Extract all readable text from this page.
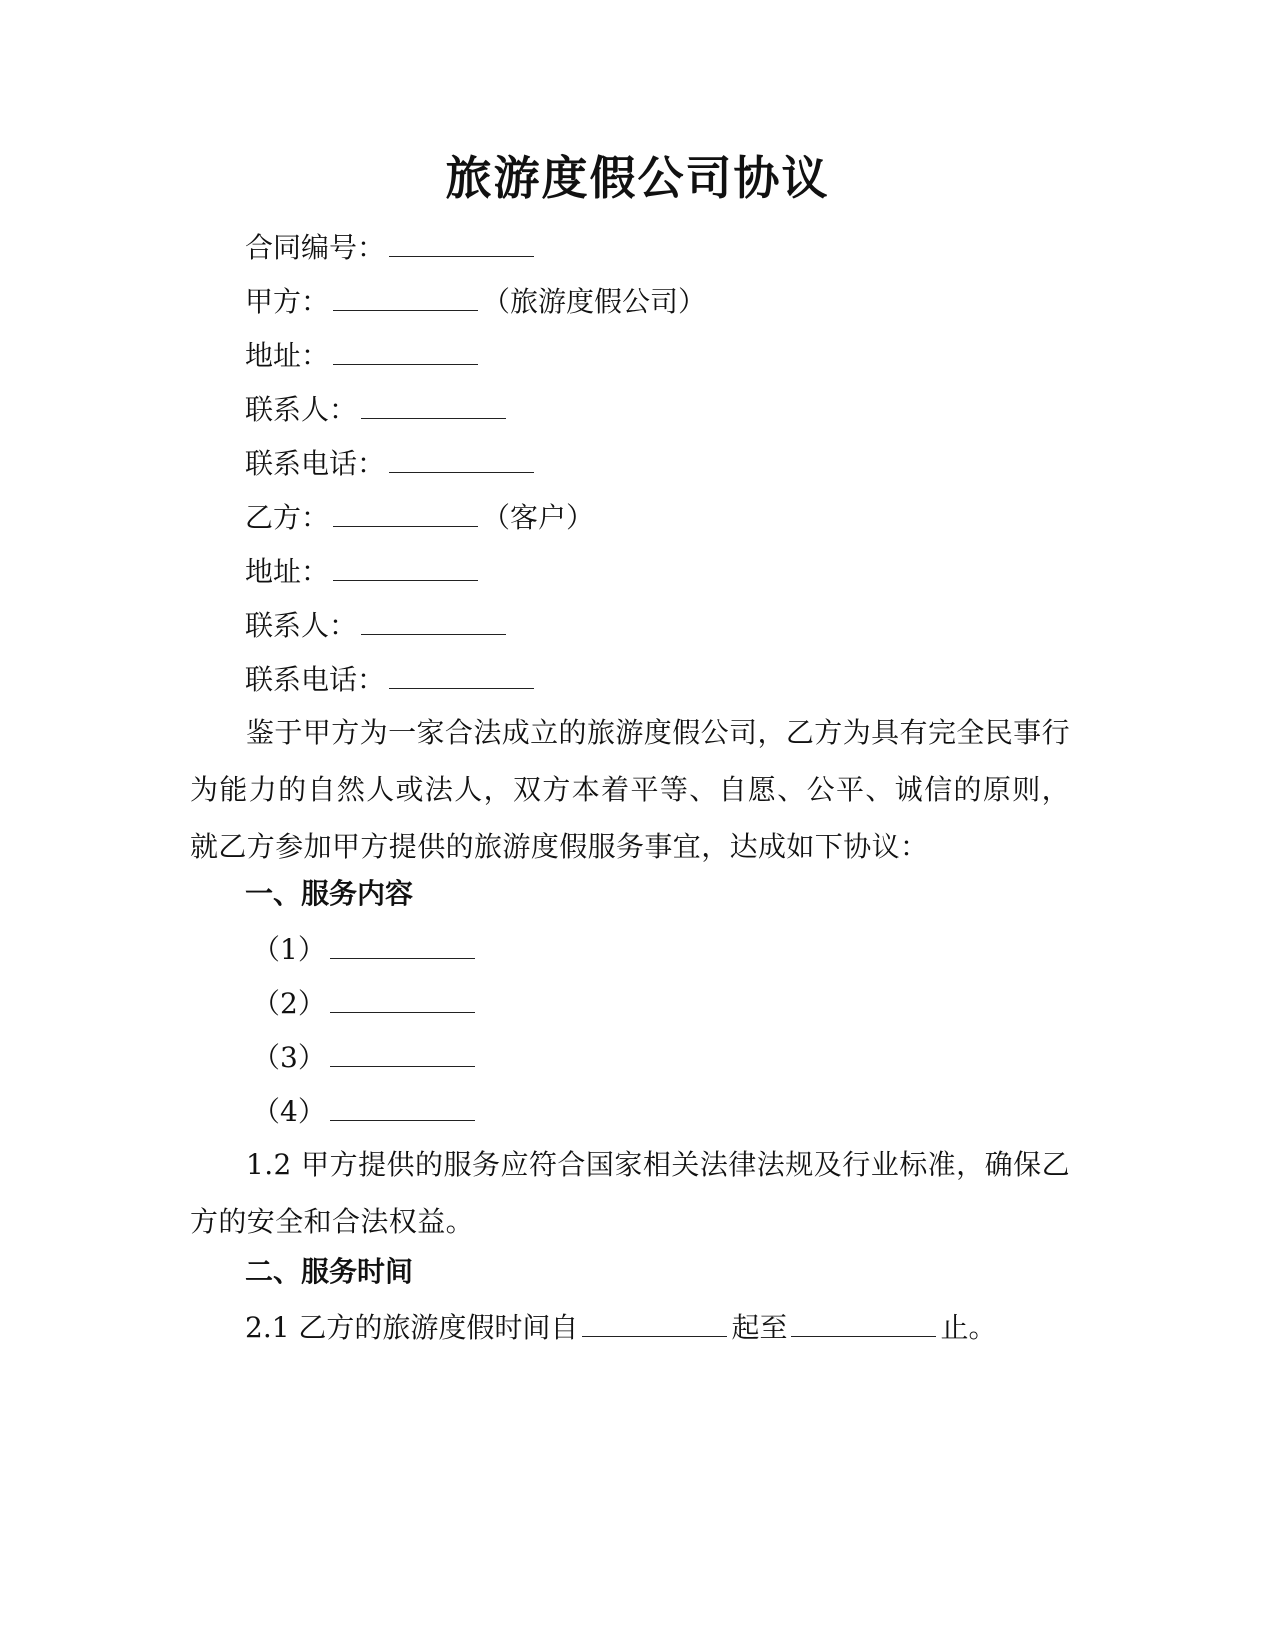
旅游度假公司协议
合同编号：
甲方：	（旅游度假公司）
地址：
联系人：
联系电话：
乙方：	（客户）
地址：
联系人：
联系电话：
鉴于甲方为一家合法成立的旅游度假公司，乙方为具有完全民事行为能力的自然人或法人，双方本着平等、自愿、公平、诚信的原则，就乙方参加甲方提供的旅游度假服务事宜，达成如下协议：
一、服务内容
（1）
（2）
（3）
（4）
1.2 甲方提供的服务应符合国家相关法律法规及行业标准，确保乙方的安全和合法权益。
二、服务时间
2.1 乙方的旅游度假时间自	起至	止。
